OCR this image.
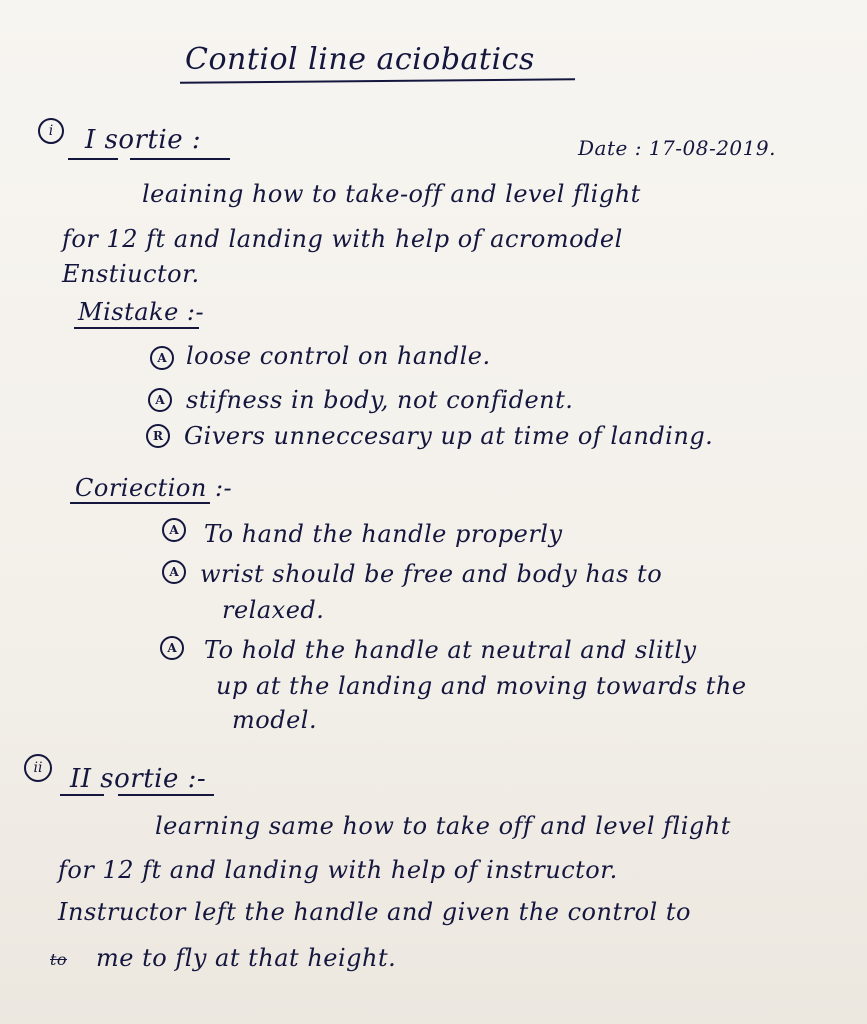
Contiol line aciobatics
i	I sortie :	Date : 17-08-2019.
leaining how to take-off and level flight
for 12 ft and landing with help of acromodel
Enstiuctor.
Mistake :-
A loose control on handle.
A stifness in body, not confident.
R Givers unneccesary up at time of landing.
Coriection :-
A	To hand the handle properly
A wrist should be free and body has to
relaxed.
A	To hold the handle at neutral and slitly
up at the landing and moving towards the
model.
ii	II sortie :-
learning same how to take off and level flight
for 12 ft and landing with help of instructor.
Instructor left the handle and given the control to
to me to fly at that height.
